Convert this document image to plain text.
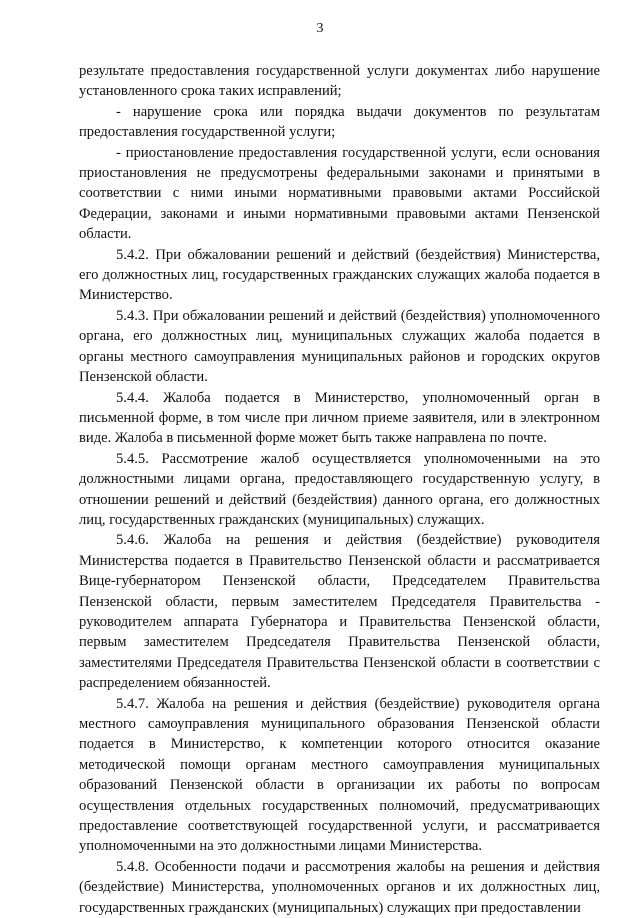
3

результате предоставления государственной услуги документах либо нарушение установленного срока таких исправлений;

- нарушение срока или порядка выдачи документов по результатам предоставления государственной услуги;

- приостановление предоставления государственной услуги, если основания приостановления не предусмотрены федеральными законами и принятыми в соответствии с ними иными нормативными правовыми актами Российской Федерации, законами и иными нормативными правовыми актами Пензенской области.

5.4.2. При обжаловании решений и действий (бездействия) Министерства, его должностных лиц, государственных гражданских служащих жалоба подается в Министерство.

5.4.3. При обжаловании решений и действий (бездействия) уполномоченного органа, его должностных лиц, муниципальных служащих жалоба подается в органы местного самоуправления муниципальных районов и городских округов Пензенской области.

5.4.4. Жалоба подается в Министерство, уполномоченный орган в письменной форме, в том числе при личном приеме заявителя, или в электронном виде. Жалоба в письменной форме может быть также направлена по почте.

5.4.5. Рассмотрение жалоб осуществляется уполномоченными на это должностными лицами органа, предоставляющего государственную услугу, в отношении решений и действий (бездействия) данного органа, его должностных лиц, государственных гражданских (муниципальных) служащих.

5.4.6. Жалоба на решения и действия (бездействие) руководителя Министерства подается в Правительство Пензенской области и рассматривается Вице-губернатором Пензенской области, Председателем Правительства Пензенской области, первым заместителем Председателя Правительства - руководителем аппарата Губернатора и Правительства Пензенской области, первым заместителем Председателя Правительства Пензенской области, заместителями Председателя Правительства Пензенской области в соответствии с распределением обязанностей.

5.4.7. Жалоба на решения и действия (бездействие) руководителя органа местного самоуправления муниципального образования Пензенской области подается в Министерство, к компетенции которого относится оказание методической помощи органам местного самоуправления муниципальных образований Пензенской области в организации их работы по вопросам осуществления отдельных государственных полномочий, предусматривающих предоставление соответствующей государственной услуги, и рассматривается уполномоченными на это должностными лицами Министерства.

5.4.8. Особенности подачи и рассмотрения жалобы на решения и действия (бездействие) Министерства, уполномоченных органов и их должностных лиц, государственных гражданских (муниципальных) служащих при предоставлении
